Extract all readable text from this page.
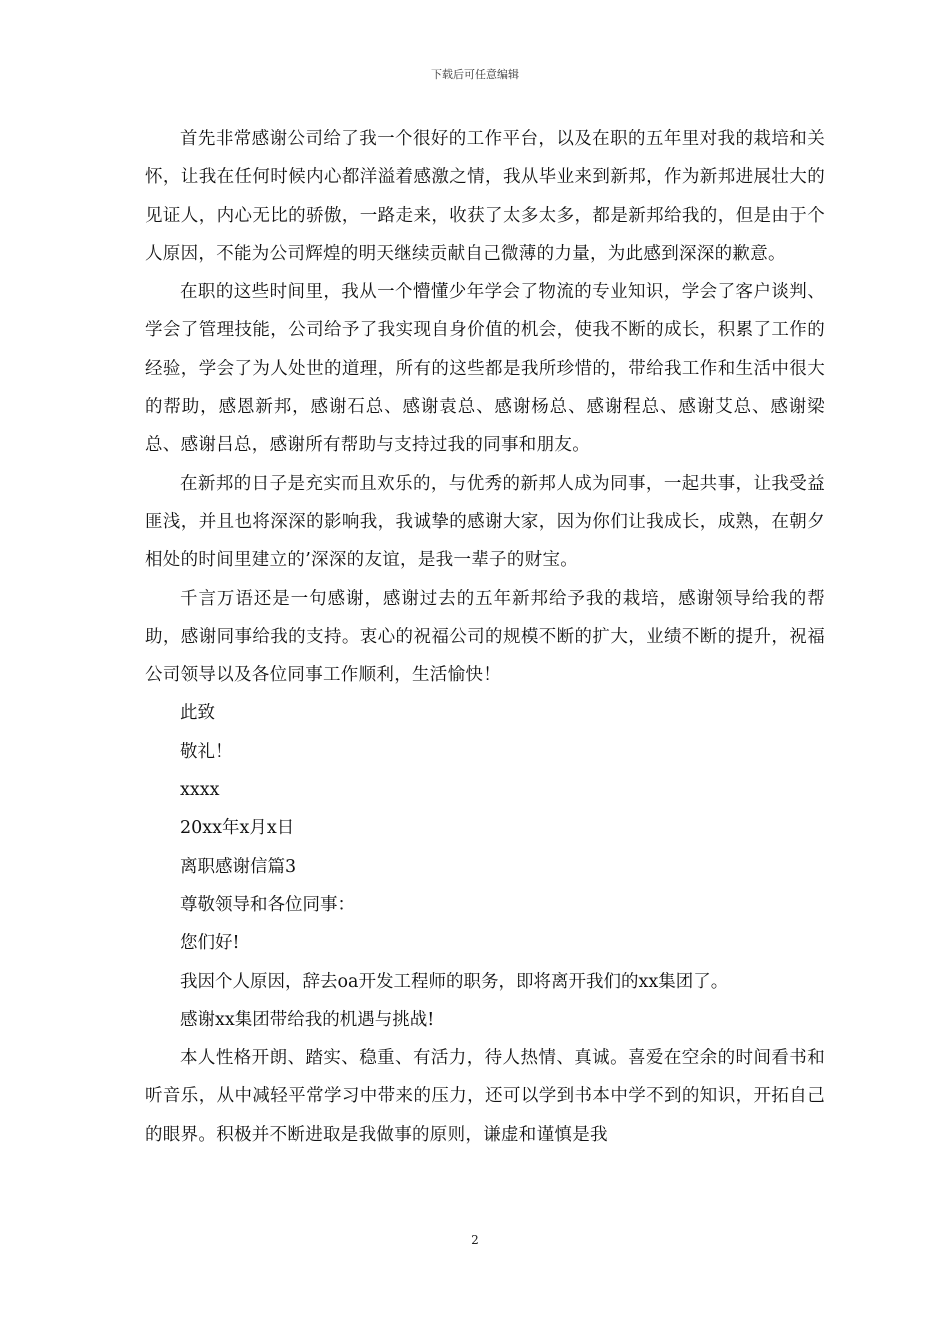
下载后可任意编辑

首先非常感谢公司给了我一个很好的工作平台，以及在职的五年里对我的栽培和关怀，让我在任何时候内心都洋溢着感激之情，我从毕业来到新邦，作为新邦进展壮大的见证人，内心无比的骄傲，一路走来，收获了太多太多，都是新邦给我的，但是由于个人原因，不能为公司辉煌的明天继续贡献自己微薄的力量，为此感到深深的歉意。

在职的这些时间里，我从一个懵懂少年学会了物流的专业知识，学会了客户谈判、学会了管理技能，公司给予了我实现自身价值的机会，使我不断的成长，积累了工作的经验，学会了为人处世的道理，所有的这些都是我所珍惜的，带给我工作和生活中很大的帮助，感恩新邦，感谢石总、感谢袁总、感谢杨总、感谢程总、感谢艾总、感谢梁总、感谢吕总，感谢所有帮助与支持过我的同事和朋友。

在新邦的日子是充实而且欢乐的，与优秀的新邦人成为同事，一起共事，让我受益匪浅，并且也将深深的影响我，我诚挚的感谢大家，因为你们让我成长，成熟，在朝夕相处的时间里建立的’深深的友谊，是我一辈子的财宝。

千言万语还是一句感谢，感谢过去的五年新邦给予我的栽培，感谢领导给我的帮助，感谢同事给我的支持。衷心的祝福公司的规模不断的扩大，业绩不断的提升，祝福公司领导以及各位同事工作顺利，生活愉快！

此致

敬礼！

xxxx

20xx年x月x日

离职感谢信篇3

尊敬领导和各位同事：

您们好!

我因个人原因，辞去oa开发工程师的职务，即将离开我们的xx集团了。

感谢xx集团带给我的机遇与挑战!

本人性格开朗、踏实、稳重、有活力，待人热情、真诚。喜爱在空余的时间看书和听音乐，从中减轻平常学习中带来的压力，还可以学到书本中学不到的知识，开拓自己的眼界。积极并不断进取是我做事的原则，谦虚和谨慎是我

2
